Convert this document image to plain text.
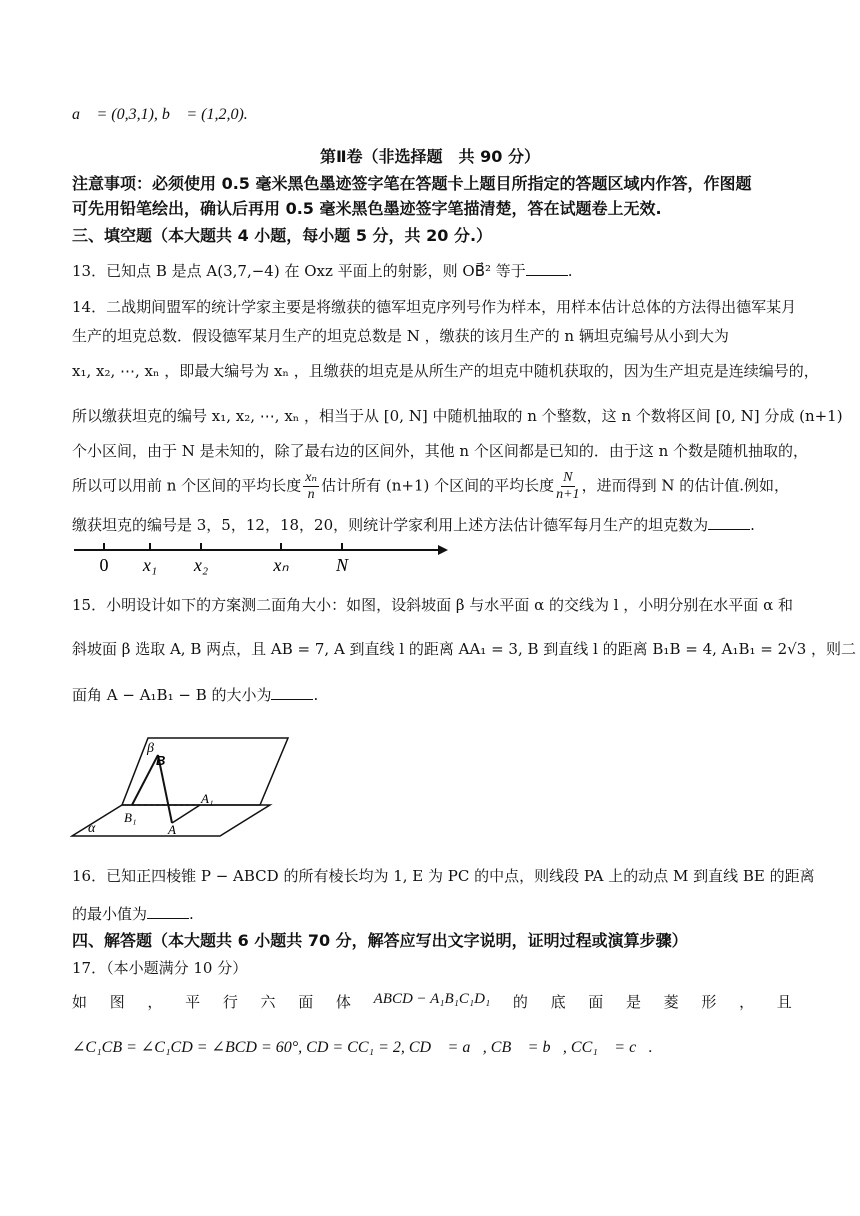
a⃗ = (0,3,1), b⃗ = (1,2,0).
第Ⅱ卷（非选择题　共 90 分）
注意事项：必须使用 0.5 毫米黑色墨迹签字笔在答题卡上题目所指定的答题区域内作答，作图题
可先用铅笔绘出，确认后再用 0.5 毫米黑色墨迹签字笔描清楚，答在试题卷上无效.
三、填空题（本大题共 4 小题，每小题 5 分，共 20 分.）
13．已知点 B 是点 A(3,7,−4) 在 Oxz 平面上的射影，则 OB⃗² 等于	.
14．二战期间盟军的统计学家主要是将缴获的德军坦克序列号作为样本，用样本估计总体的方法得出德军某月
生产的坦克总数．假设德军某月生产的坦克总数是 N ，缴获的该月生产的 n 辆坦克编号从小到大为
x₁, x₂, ⋯, xₙ ，即最大编号为 xₙ ，且缴获的坦克是从所生产的坦克中随机获取的，因为生产坦克是连续编号的，
所以缴获坦克的编号 x₁, x₂, ⋯, xₙ ，相当于从 [0, N] 中随机抽取的 n 个整数，这 n 个数将区间 [0, N] 分成 (n+1)
个小区间，由于 N 是未知的，除了最右边的区间外，其他 n 个区间都是已知的．由于这 n 个数是随机抽取的，
所以可以用前 n 个区间的平均长度 $\frac{\text{xₙ}}{n}$ 估计所有 (n+1) 个区间的平均长度 $\frac{N}{n+1}$ ，进而得到 N 的估计值.例如，
缴获坦克的编号是 3，5，12，18，20，则统计学家利用上述方法估计德军每月生产的坦克数为	.
0 x₁ x₂	xₙ	N
15．小明设计如下的方案测二面角大小：如图，设斜坡面 β 与水平面 α 的交线为 l ，小明分别在水平面 α 和
斜坡面 β 选取 A, B 两点，且 AB = 7, A 到直线 l 的距离 AA₁ = 3, B 到直线 l 的距离 B₁B = 4, A₁B₁ = 2√3 ，则二
面角 A − A₁B₁ − B 的大小为	.
β
B
A₁
B₁
A
α
16．已知正四棱锥 P − ABCD 的所有棱长均为 1, E 为 PC 的中点，则线段 PA 上的动点 M 到直线 BE 的距离
的最小值为	.
四、解答题（本大题共 6 小题共 70 分，解答应写出文字说明，证明过程或演算步骤）
17．（本小题满分 10 分）
如 图 ， 平 行 六 面 体 ABCD − A₁B₁C₁D₁ 的 底 面 是 菱 形 ， 且
∠C₁CB = ∠C₁CD = ∠BCD = 60°, CD = CC₁ = 2, CD⃗ = a⃗, CB⃗ = b⃗, CC₁⃗ = c⃗.
